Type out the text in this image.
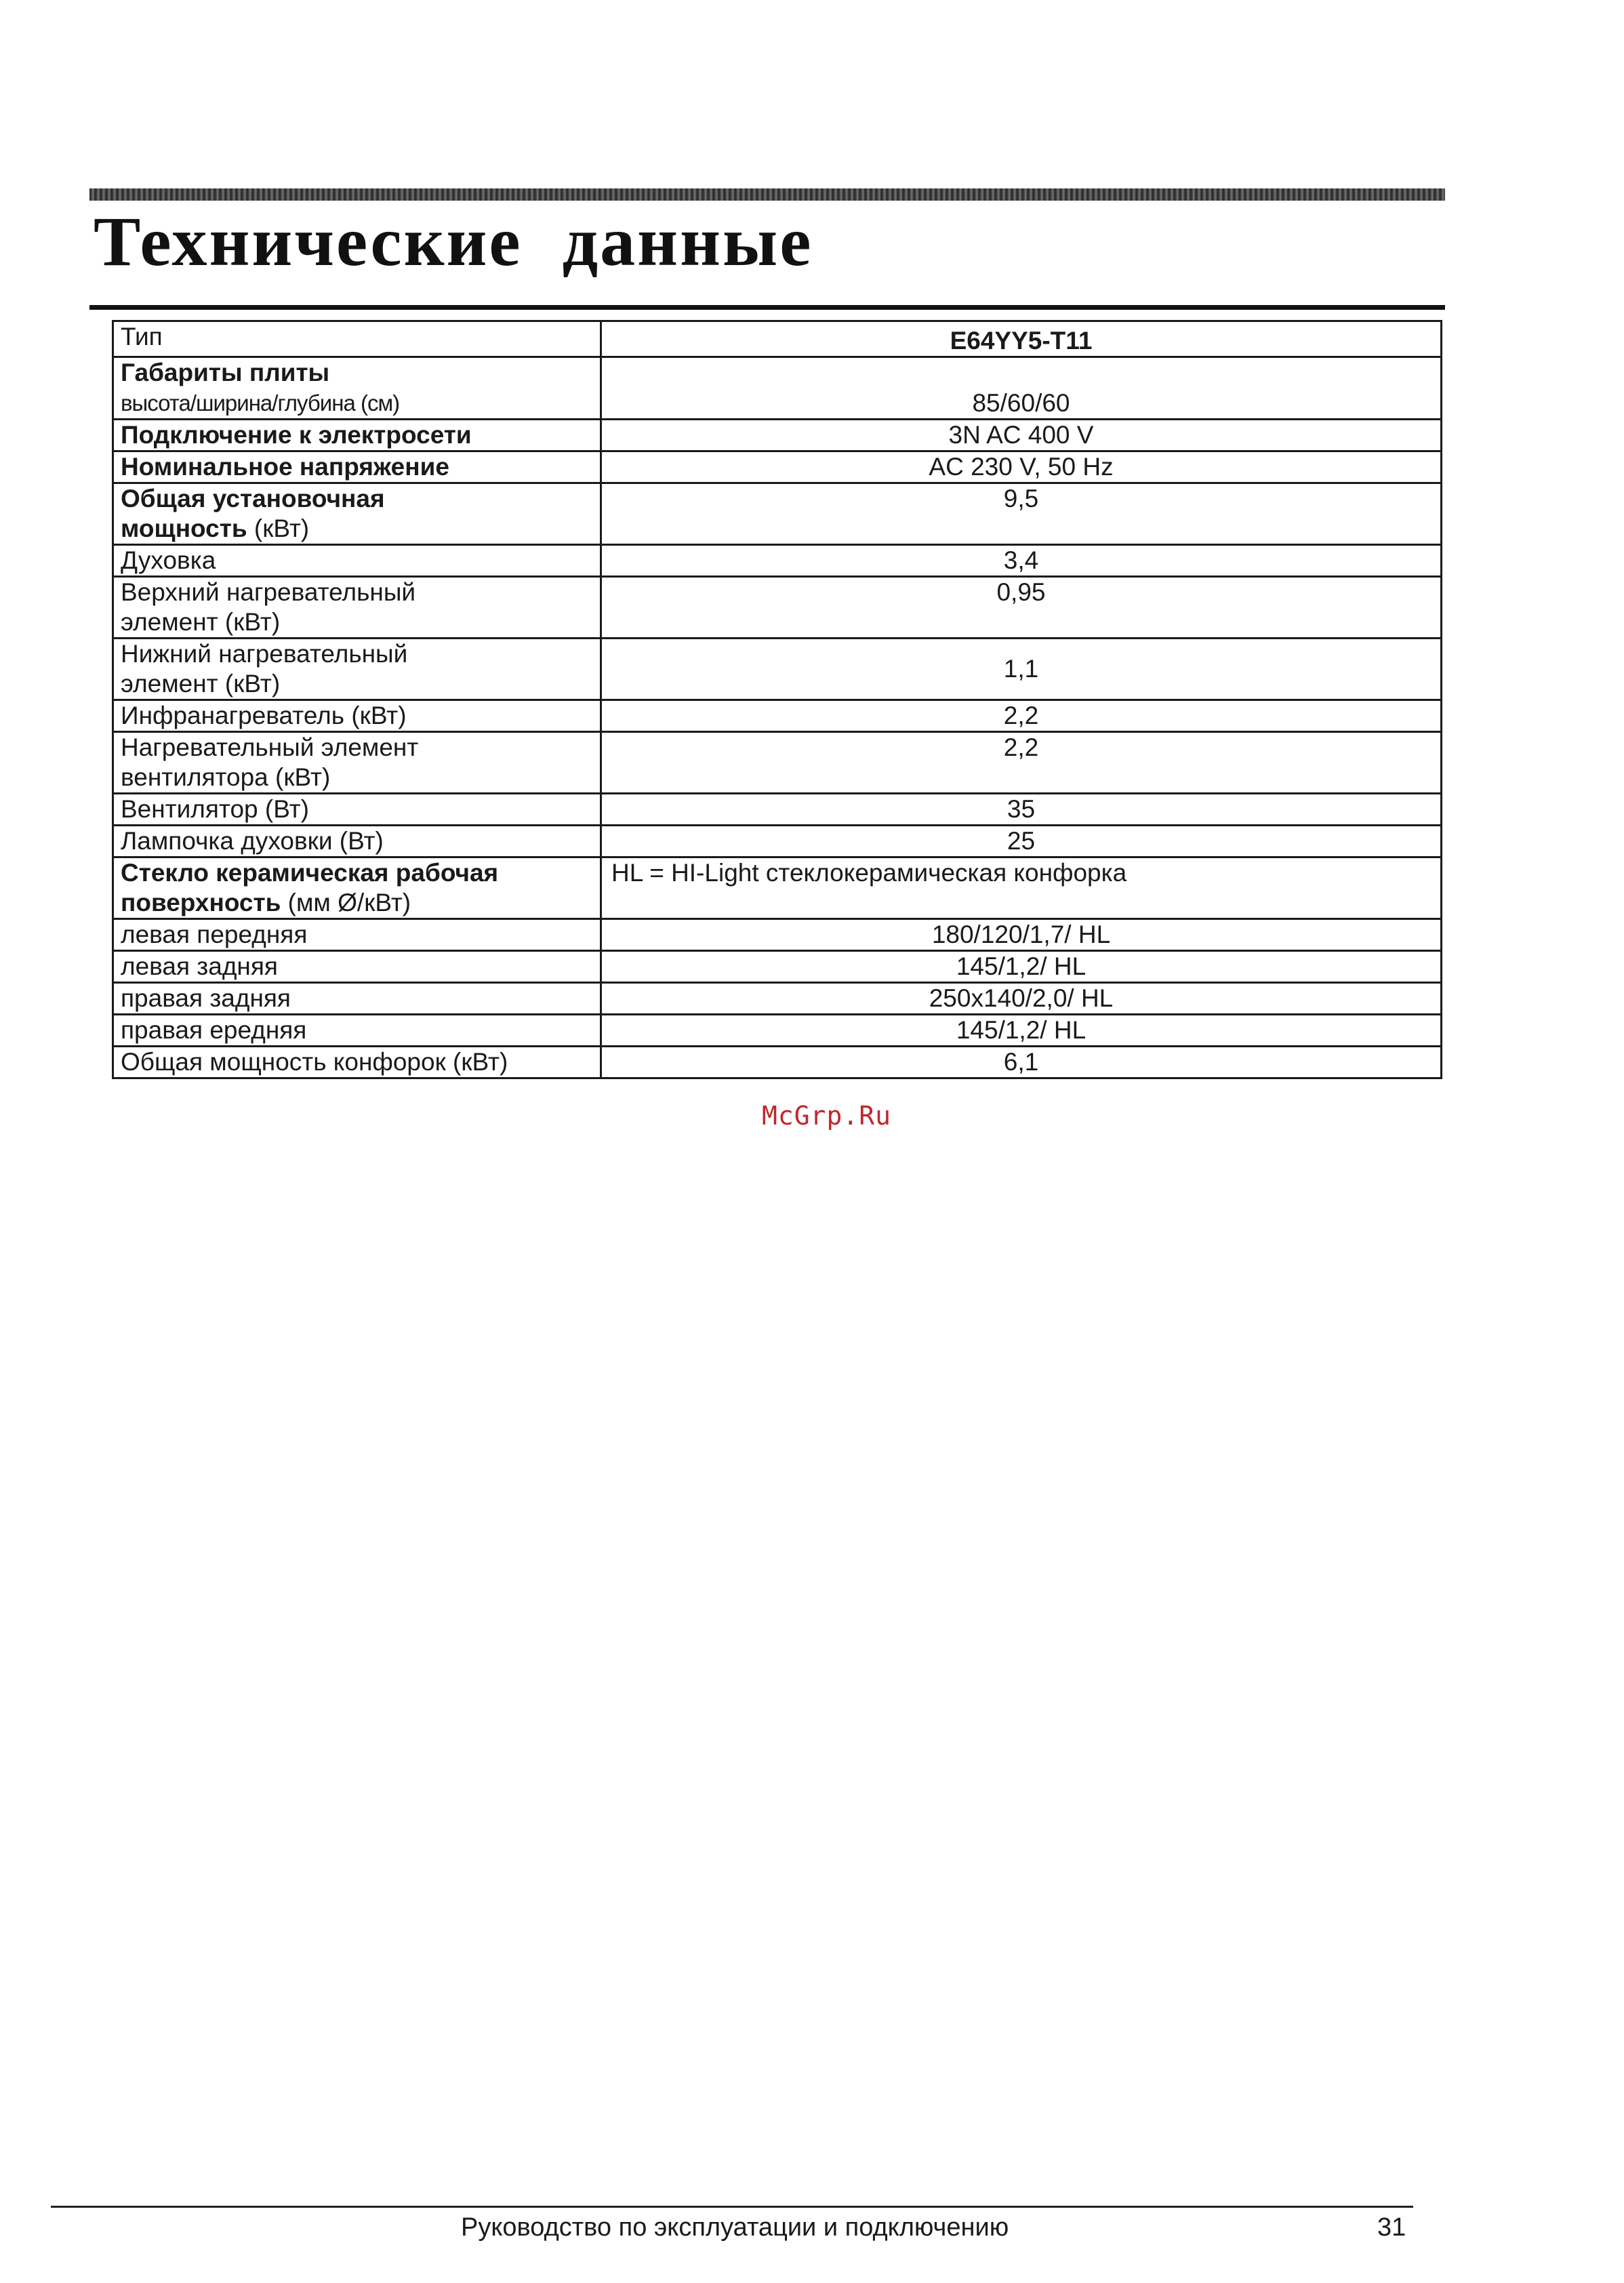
Технические данные
Тип	E64YY5-T11
Габариты плиты
высота/ширина/глубина (см)	85/60/60
Подключение к электросети	3N AC 400 V
Номинальное напряжение	AC 230 V, 50 Hz
Общая установочная
мощность (кВт)	9,5
Духовка	3,4
Верхний нагревательный
элемент (кВт)	0,95
Нижний нагревательный
элемент (кВт)	1,1
Инфранагреватель (кВт)	2,2
Нагревательный элемент
вентилятора (кВт)	2,2
Вентилятор (Вт)	35
Лампочка духовки (Вт)	25
Стекло керамическая рабочая
поверхность (мм Ø/кВт)	HL = HI-Light стеклокерамическая конфорка
левая передняя	180/120/1,7/ HL
левая задняя	145/1,2/ HL
правая задняя	250x140/2,0/ HL
правая ередняя	145/1,2/ HL
Общая мощность конфорок (кВт)	6,1
McGrp.Ru
Руководство по эксплуатации и подключению	31
